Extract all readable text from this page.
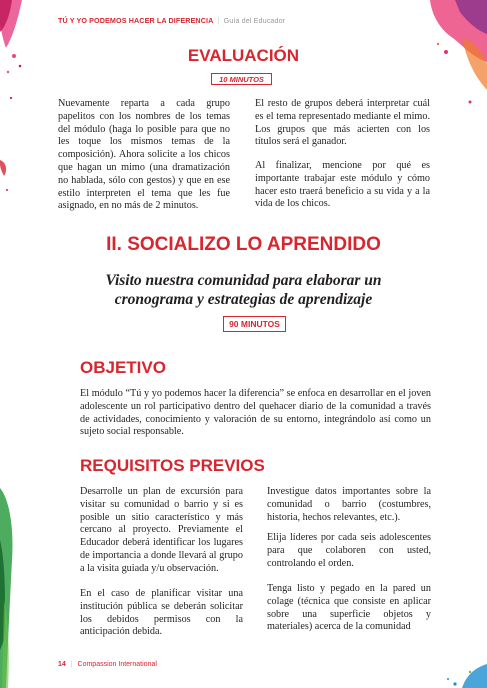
TÚ Y YO PODEMOS HACER LA DIFERENCIA | Guía del Educador
EVALUACIÓN
10 MINUTOS

Nuevamente reparta a cada grupo papelitos con los nombres de los temas del módulo (haga lo posible para que no les toque los mismos temas de la composición). Ahora solicite a los chicos que hagan un mimo (una dramatización no hablada, sólo con gestos) y que en ese estilo interpreten el tema que les fue asignado, en no más de 2 minutos.

El resto de grupos deberá interpretar cuál es el tema representado mediante el mimo. Los grupos que más acierten con los títulos será el ganador.

Al finalizar, mencione por qué es importante trabajar este módulo y cómo hacer esto traerá beneficio a su vida y a la vida de los chicos.

II. SOCIALIZO LO APRENDIDO
Visito nuestra comunidad para elaborar un
cronograma y estrategias de aprendizaje
90 MINUTOS
OBJETIVO

El módulo “Tú y yo podemos hacer la diferencia” se enfoca en desarrollar en el joven adolescente un rol participativo dentro del quehacer diario de la comunidad a través de actividades, conocimiento y valoración de su entorno, integrándolo así como un sujeto social responsable.

REQUISITOS PREVIOS

Desarrolle un plan de excursión para visitar su comunidad o barrio y si es posible un sitio característico y más cercano al proyecto. Previamente el Educador deberá identificar los lugares de importancia a donde llevará al grupo a la visita guiada y/u observación.

En el caso de planificar visitar una institución pública se deberán solicitar los debidos permisos con la anticipación debida.

Investigue datos importantes sobre la comunidad o barrio (costumbres, historia, hechos relevantes, etc.).

Elija líderes por cada seis adolescentes para que colaboren con usted, controlando el orden.

Tenga listo y pegado en la pared un colage (técnica que consiste en aplicar sobre una superficie objetos y materiales) acerca de la comunidad

14 | Compassion International
